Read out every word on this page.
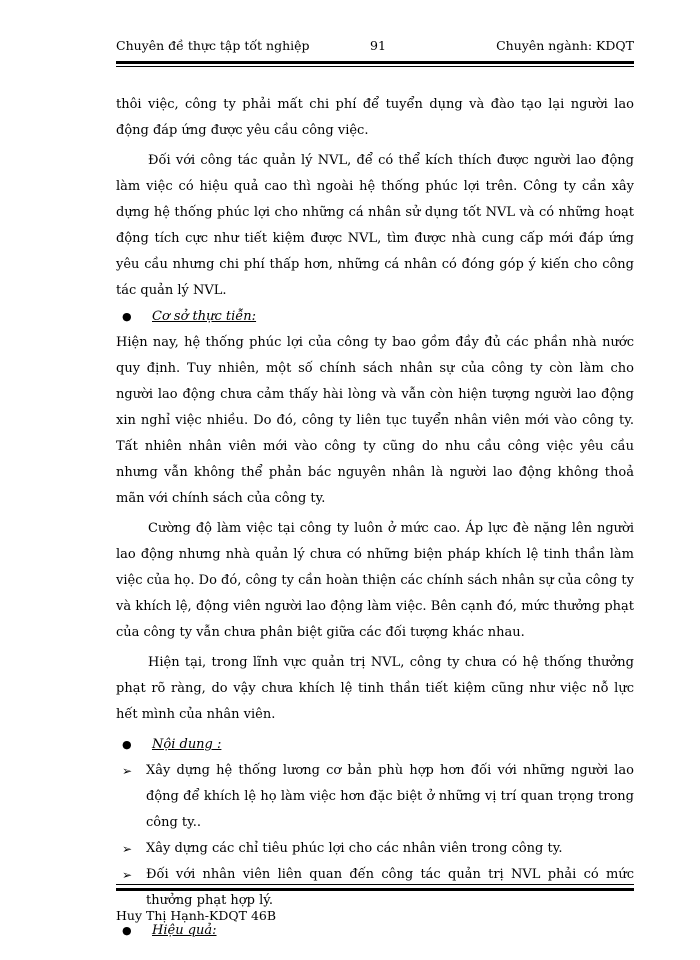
Chuyên đề thực tập tốt nghiệp	91	Chuyên ngành: KDQT

thôi việc, công ty phải mất chi phí để tuyển dụng và đào tạo lại người lao động đáp ứng được yêu cầu công việc.

Đối với công tác quản lý NVL, để có thể kích thích được người lao động làm việc có hiệu quả cao thì ngoài hệ thống phúc lợi trên. Công ty cần xây dựng hệ thống phúc lợi cho những cá nhân sử dụng tốt NVL và có những hoạt động tích cực như tiết kiệm được NVL, tìm được nhà cung cấp mới đáp ứng yêu cầu nhưng chi phí thấp hơn, những cá nhân có đóng góp ý kiến cho công tác quản lý NVL.

● Cơ sở thực tiễn:

Hiện nay, hệ thống phúc lợi của công ty bao gồm đầy đủ các phần nhà nước quy định. Tuy nhiên, một số chính sách nhân sự của công ty còn làm cho người lao động chưa cảm thấy hài lòng và vẫn còn hiện tượng người lao động xin nghỉ việc nhiều. Do đó, công ty liên tục tuyển nhân viên mới vào công ty. Tất nhiên nhân viên mới vào công ty cũng do nhu cầu công việc yêu cầu nhưng vẫn không thể phản bác nguyên nhân là người lao động không thoả mãn với chính sách của công ty.

Cường độ làm việc tại công ty luôn ở mức cao. Áp lực đè nặng lên người lao động nhưng nhà quản lý chưa có những biện pháp khích lệ tinh thần làm việc của họ. Do đó, công ty cần hoàn thiện các chính sách nhân sự của công ty và khích lệ, động viên người lao động làm việc. Bên cạnh đó, mức thưởng phạt của công ty vẫn chưa phân biệt giữa các đối tượng khác nhau.

Hiện tại, trong lĩnh vực quản trị NVL, công ty chưa có hệ thống thưởng phạt rõ ràng, do vậy chưa khích lệ tinh thần tiết kiệm cũng như việc nỗ lực hết mình của nhân viên.

● Nội dung :

➢ Xây dựng hệ thống lương cơ bản phù hợp hơn đối với những người lao động để khích lệ họ làm việc hơn đặc biệt ở những vị trí quan trọng trong công ty..

➢ Xây dựng các chỉ tiêu phúc lợi cho các nhân viên trong công ty.

➢ Đối với nhân viên liên quan đến công tác quản trị NVL phải có mức thưởng phạt hợp lý.

● Hiệu quả:

Huy Thị Hạnh-KDQT 46B
